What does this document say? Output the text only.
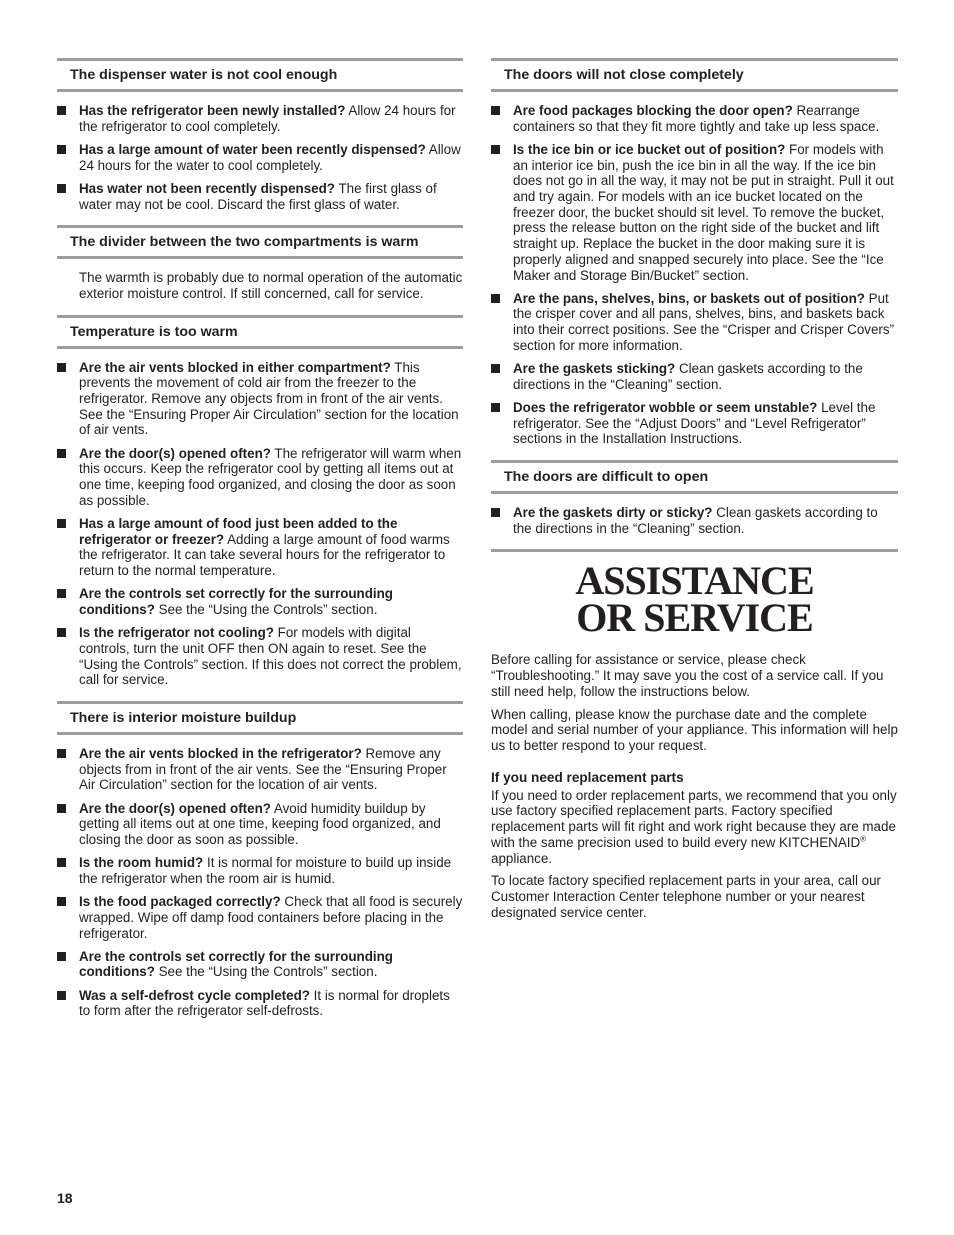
The dispenser water is not cool enough
Has the refrigerator been newly installed? Allow 24 hours for the refrigerator to cool completely.
Has a large amount of water been recently dispensed? Allow 24 hours for the water to cool completely.
Has water not been recently dispensed? The first glass of water may not be cool. Discard the first glass of water.
The divider between the two compartments is warm
The warmth is probably due to normal operation of the automatic exterior moisture control. If still concerned, call for service.
Temperature is too warm
Are the air vents blocked in either compartment? This prevents the movement of cold air from the freezer to the refrigerator. Remove any objects from in front of the air vents. See the “Ensuring Proper Air Circulation” section for the location of air vents.
Are the door(s) opened often? The refrigerator will warm when this occurs. Keep the refrigerator cool by getting all items out at one time, keeping food organized, and closing the door as soon as possible.
Has a large amount of food just been added to the refrigerator or freezer? Adding a large amount of food warms the refrigerator. It can take several hours for the refrigerator to return to the normal temperature.
Are the controls set correctly for the surrounding conditions? See the “Using the Controls” section.
Is the refrigerator not cooling? For models with digital controls, turn the unit OFF then ON again to reset. See the “Using the Controls” section. If this does not correct the problem, call for service.
There is interior moisture buildup
Are the air vents blocked in the refrigerator? Remove any objects from in front of the air vents. See the “Ensuring Proper Air Circulation” section for the location of air vents.
Are the door(s) opened often? Avoid humidity buildup by getting all items out at one time, keeping food organized, and closing the door as soon as possible.
Is the room humid? It is normal for moisture to build up inside the refrigerator when the room air is humid.
Is the food packaged correctly? Check that all food is securely wrapped. Wipe off damp food containers before placing in the refrigerator.
Are the controls set correctly for the surrounding conditions? See the “Using the Controls” section.
Was a self-defrost cycle completed? It is normal for droplets to form after the refrigerator self-defrosts.
The doors will not close completely
Are food packages blocking the door open? Rearrange containers so that they fit more tightly and take up less space.
Is the ice bin or ice bucket out of position? For models with an interior ice bin, push the ice bin in all the way. If the ice bin does not go in all the way, it may not be put in straight. Pull it out and try again. For models with an ice bucket located on the freezer door, the bucket should sit level. To remove the bucket, press the release button on the right side of the bucket and lift straight up. Replace the bucket in the door making sure it is properly aligned and snapped securely into place. See the “Ice Maker and Storage Bin/Bucket” section.
Are the pans, shelves, bins, or baskets out of position? Put the crisper cover and all pans, shelves, bins, and baskets back into their correct positions. See the “Crisper and Crisper Covers” section for more information.
Are the gaskets sticking? Clean gaskets according to the directions in the “Cleaning” section.
Does the refrigerator wobble or seem unstable? Level the refrigerator. See the “Adjust Doors” and “Level Refrigerator” sections in the Installation Instructions.
The doors are difficult to open
Are the gaskets dirty or sticky? Clean gaskets according to the directions in the “Cleaning” section.
ASSISTANCE
OR SERVICE

Before calling for assistance or service, please check “Troubleshooting.” It may save you the cost of a service call. If you still need help, follow the instructions below.

When calling, please know the purchase date and the complete model and serial number of your appliance. This information will help us to better respond to your request.

If you need replacement parts

If you need to order replacement parts, we recommend that you only use factory specified replacement parts. Factory specified replacement parts will fit right and work right because they are made with the same precision used to build every new KITCHENAID® appliance.

To locate factory specified replacement parts in your area, call our Customer Interaction Center telephone number or your nearest designated service center.

18
